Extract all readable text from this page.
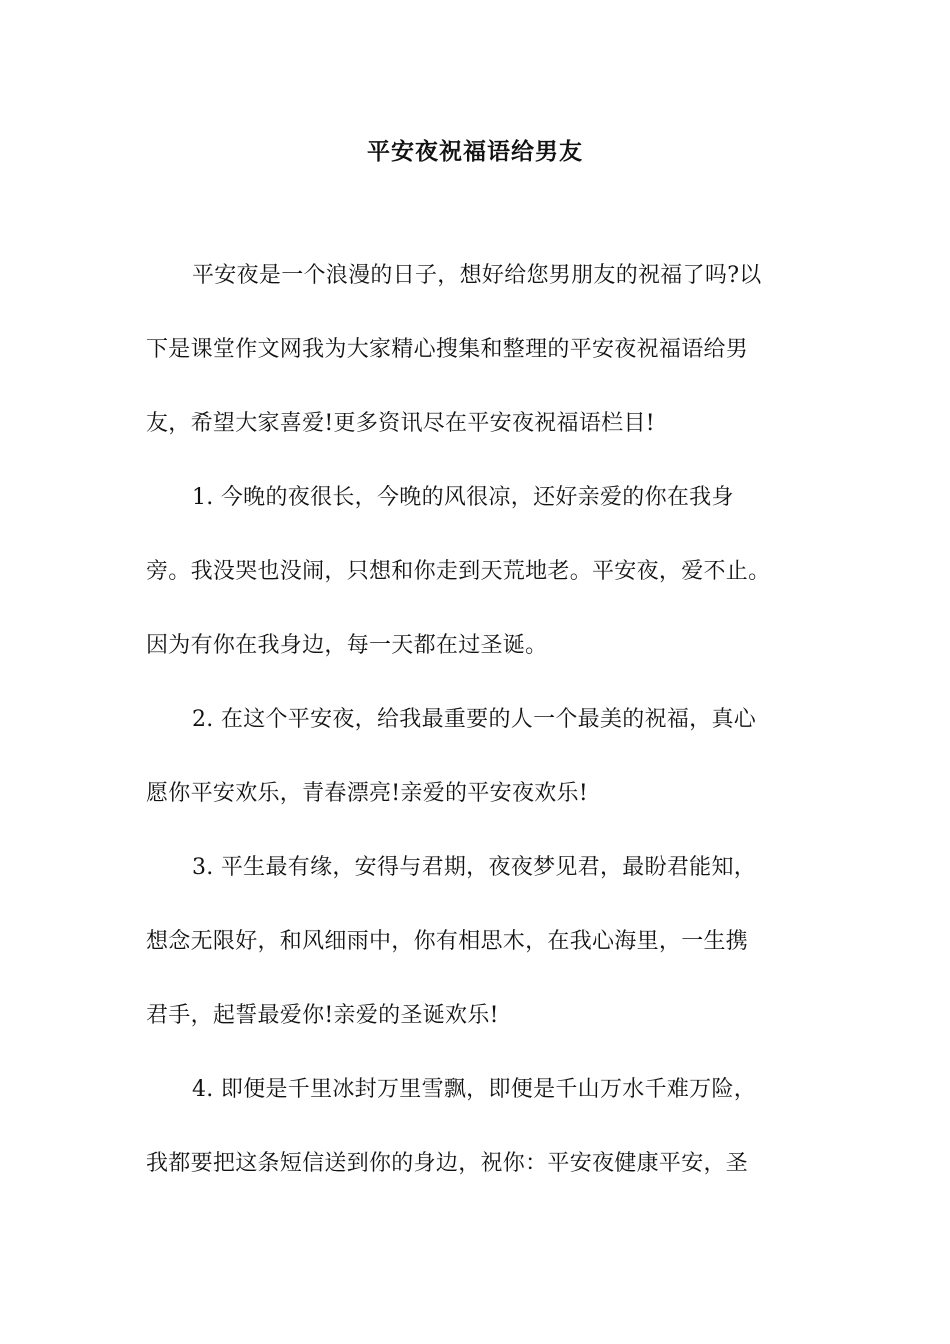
平安夜祝福语给男友
平安夜是一个浪漫的日子，想好给您男朋友的祝福了吗?以
下是课堂作文网我为大家精心搜集和整理的平安夜祝福语给男
友，希望大家喜爱!更多资讯尽在平安夜祝福语栏目!
1. 今晚的夜很长，今晚的风很凉，还好亲爱的你在我身
旁。我没哭也没闹，只想和你走到天荒地老。平安夜，爱不止。
因为有你在我身边，每一天都在过圣诞。
2. 在这个平安夜，给我最重要的人一个最美的祝福，真心
愿你平安欢乐，青春漂亮!亲爱的平安夜欢乐!
3. 平生最有缘，安得与君期，夜夜梦见君，最盼君能知，
想念无限好，和风细雨中，你有相思木，在我心海里，一生携
君手，起誓最爱你!亲爱的圣诞欢乐!
4. 即便是千里冰封万里雪飘，即便是千山万水千难万险，
我都要把这条短信送到你的身边，祝你：平安夜健康平安，圣
